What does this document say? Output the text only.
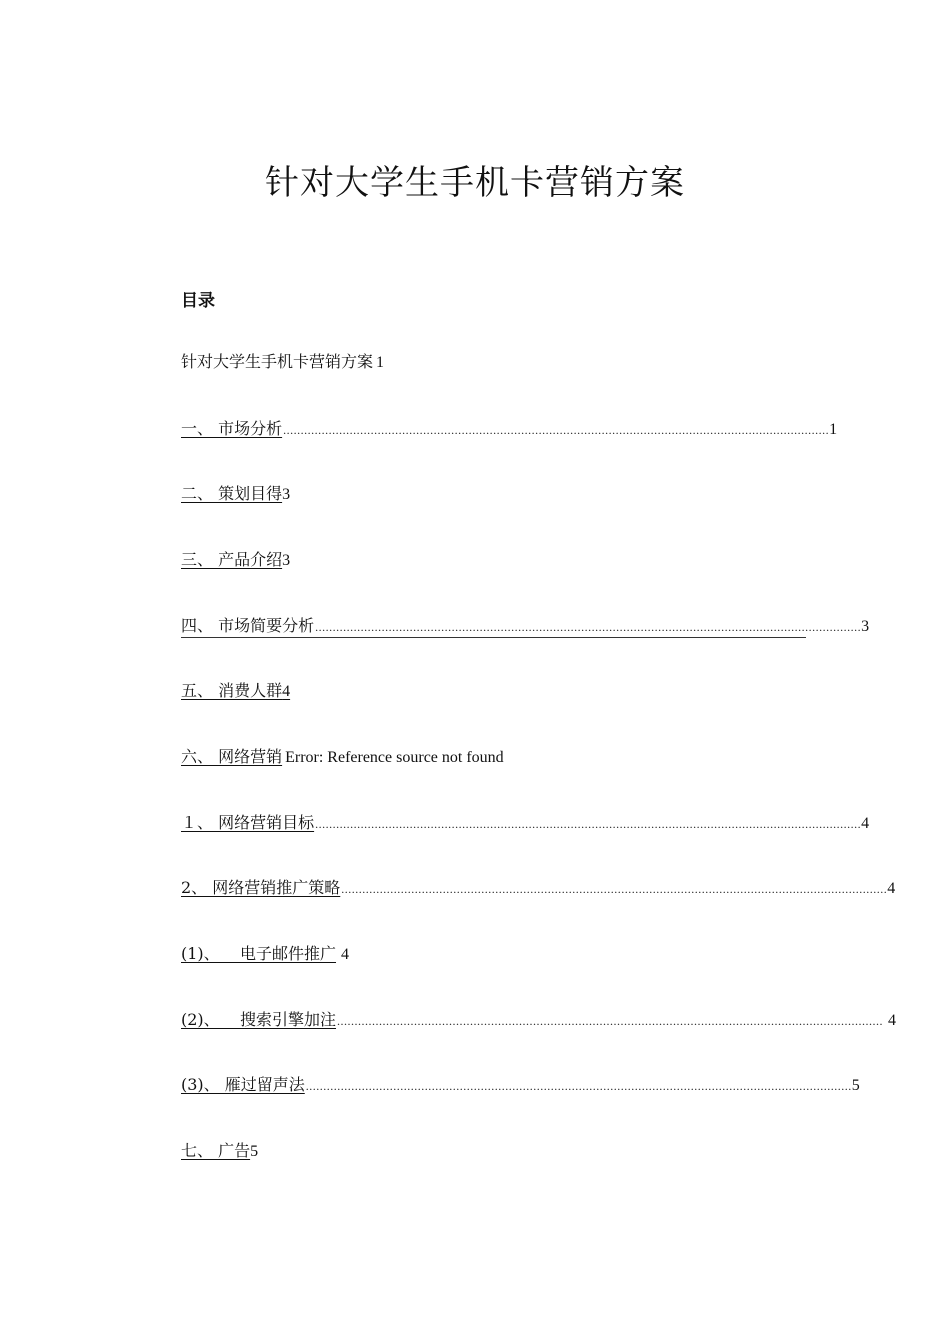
针对大学生手机卡营销方案
目录
针对大学生手机卡营销方案 1
一、 市场分析 ............................................................................................................................................................ 1
二、 策划目得 3
三、 产品介绍 3
四、 市场简要分析 ............................................................................................................................................................ 3
五、 消费人群 4
六、 网络营销 Error: Reference source not found
１、 网络营销目标 ............................................................................................................................................................ 4
2、 网络营销推广策略 ............................................................................................................................................................ 4
(1)、    电子邮件推广 4
(2)、    搜索引擎加注 ............................................................................................................................................................ 4
(3)、 雁过留声法 ............................................................................................................................................................ 5
七、 广告 5
